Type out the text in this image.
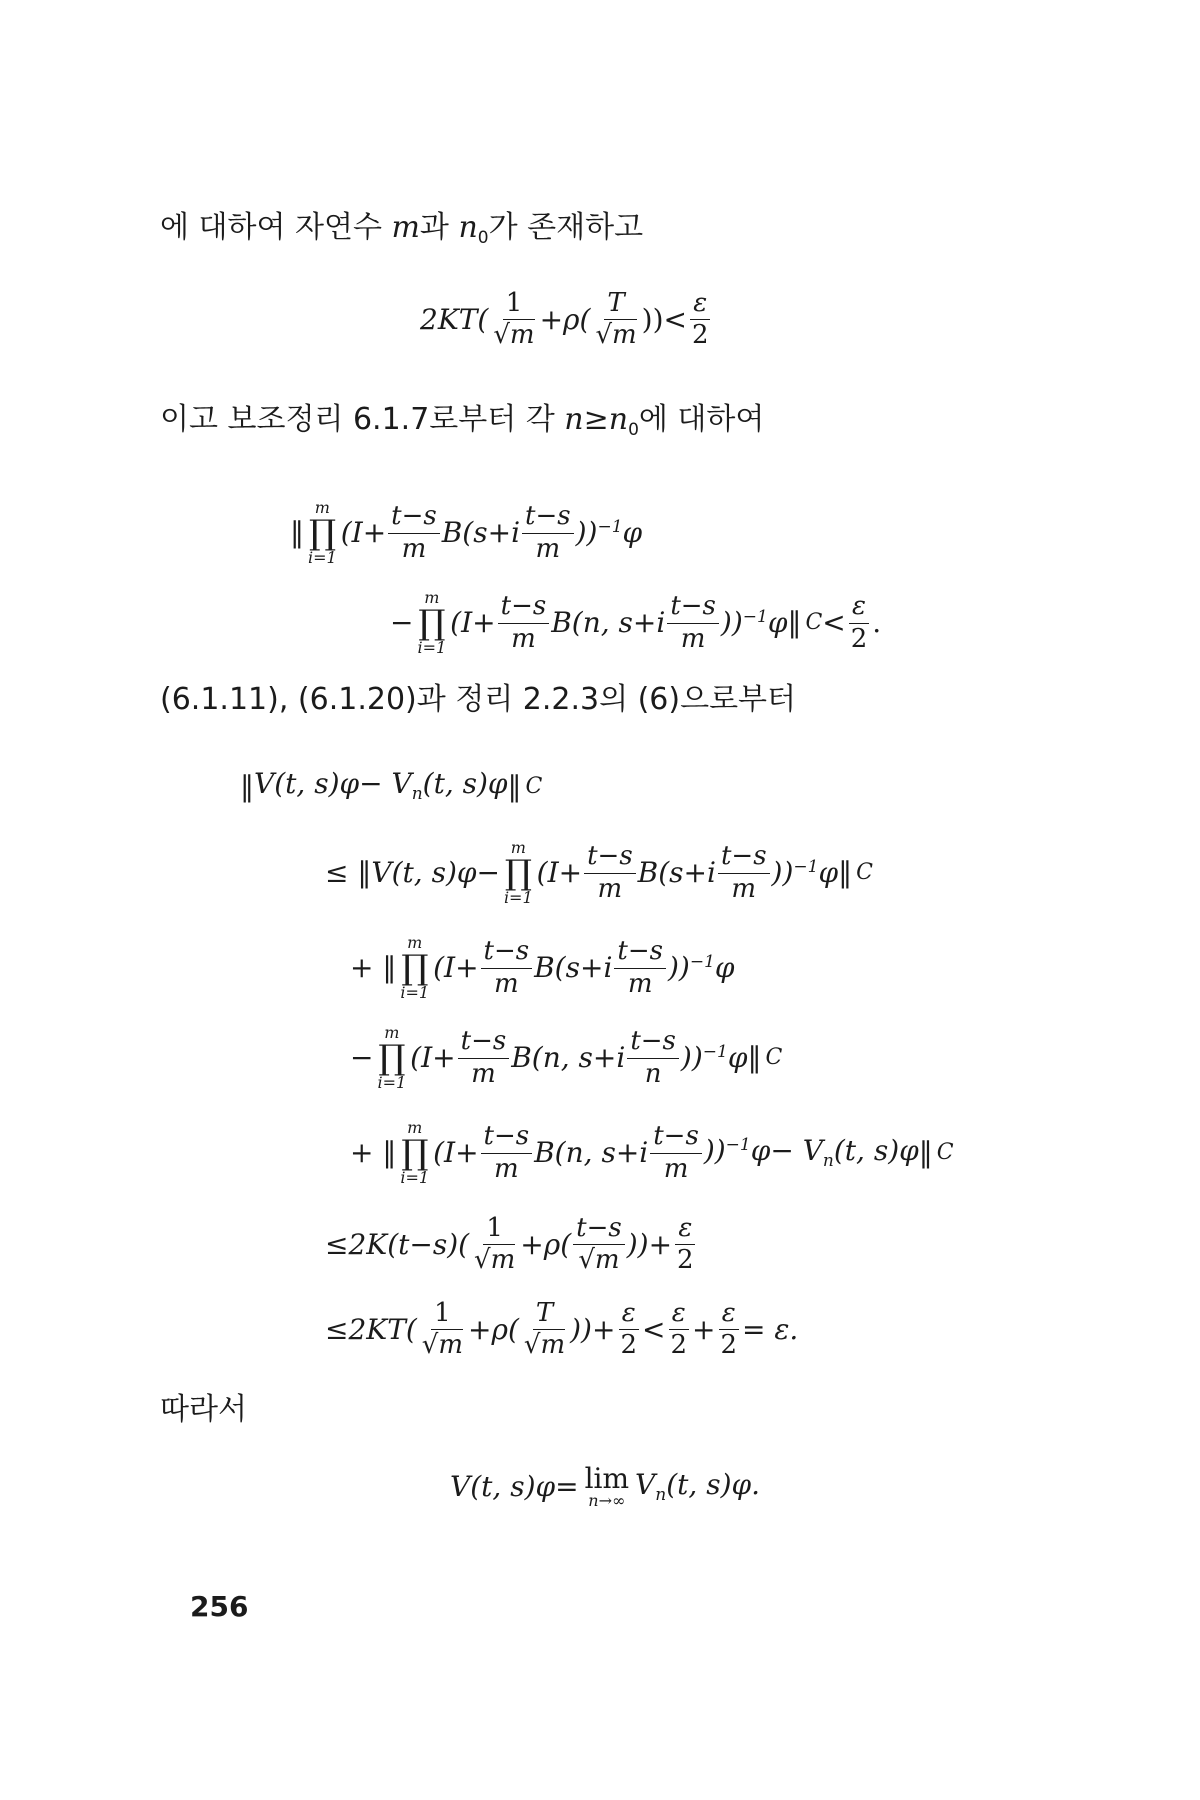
에 대하여 자연수 m과 $n_0$가 존재하고
$2KT( \frac{1}{√m} +\rho( \frac{T}{√m}$ ))< $\frac{\varepsilon}{2}$
이고 보조정리 6.1.7로부터 각 $n\ge n_0$에 대하여
‖
m
∏
i=1
$(I+ \frac{t-s}{m} B(s+i \frac{t-s}{m} ))^{-1}\varphi$
−
m
∏
i=1
($I+ \frac{t-s}{m} B(n$, $s+i \frac{t-s}{m} ))^{-1}\varphi$ ‖ $C < \frac{\varepsilon}{2}$ .
(6.1.11), (6.1.20)과 정리 2.2.3의 (6)으로부터
‖ V(t, $s)\varphi- V_n(t$, s)φ ‖ C
≤ ‖ V(t, s)φ−
m
∏
i=1
$(I+ \frac{t-s}{m} B(s+i \frac{t-s}{m} ))^{-1}\varphi$ ‖ C
+ ‖
m
∏
i=1
$(I+ \frac{t-s}{m} B(s+i \frac{t-s}{m} ))^{-1}\varphi$
−
m
∏
i=1
($I+ \frac{t-s}{m} B(n$, $s+i \frac{t-s}{n} ))^{-1}\varphi$ ‖ C
+ ‖
m
∏
i=1
($I+ \frac{t-s}{m} B(n$, $s+i \frac{t-s}{m} ))^{-1}\varphi- V_n(t$, s)φ ‖ C
$\le 2K(t-s)( \frac{1}{√m} +\rho( \frac{t-s}{√m}$ ))+ $\frac{\varepsilon}{2}$
$\le 2KT( \frac{1}{√m} +\rho( \frac{T}{√m}$ ))+ $\frac{\varepsilon}{2} < \frac{\varepsilon}{2} + \frac{\varepsilon}{2} = \varepsilon$.
따라서
V(t, s)φ= lim
n→∞ $V_n(t$, s)φ.
256
